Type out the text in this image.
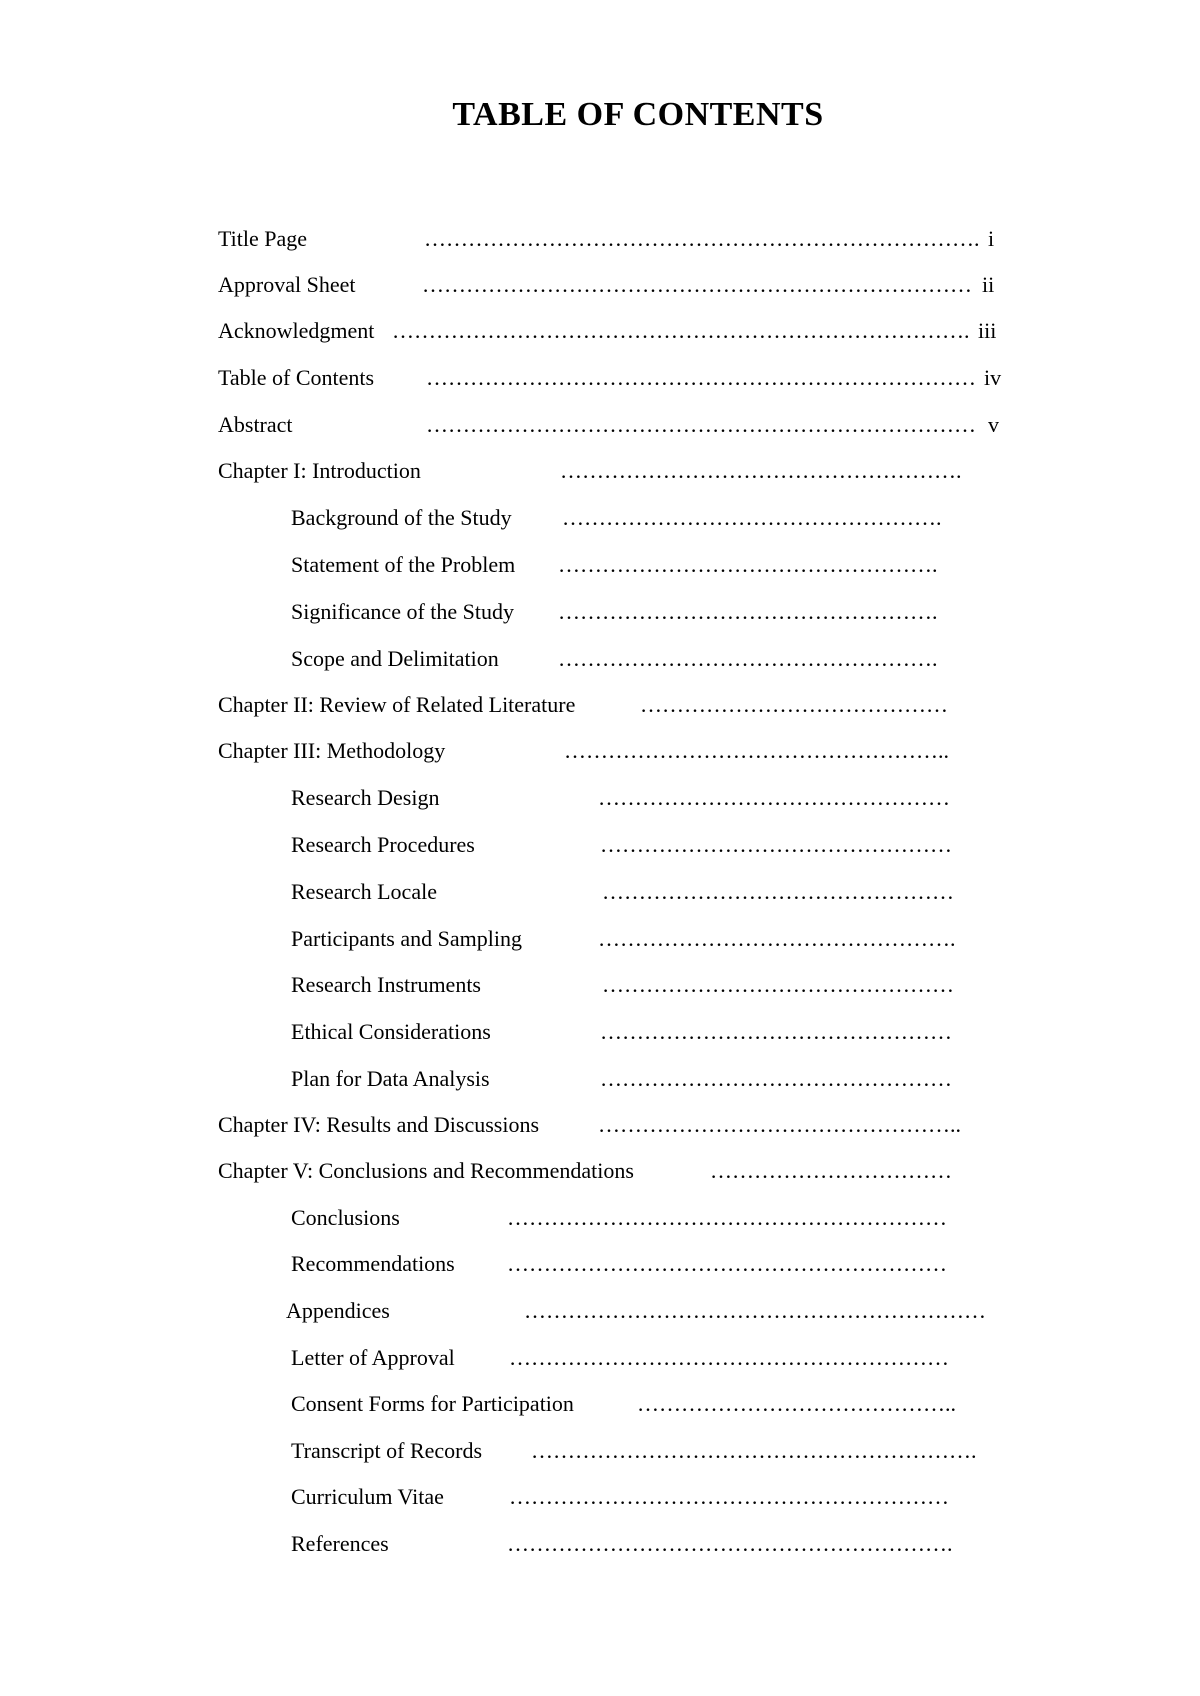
TABLE OF CONTENTS
Title Page	…………………………………………………………………. i
Approval Sheet	………………………………………………………………… ii
Acknowledgment ……………………………………………………………………. iii
Table of Contents ………………………………………………………………… iv
Abstract	………………………………………………………………… v
Chapter I: Introduction	……………………………………………….
Background of the Study …………………………………………….
Statement of the Problem …………………………………………….
Significance of the Study …………………………………………….
Scope and Delimitation	…………………………………………….
Chapter II: Review of Related Literature	……………………………………
Chapter III: Methodology	……………………………………………..
Research Design	…………………………………………
Research Procedures	…………………………………………
Research Locale	…………………………………………
Participants and Sampling	………………………………………….
Research Instruments	…………………………………………
Ethical Considerations	…………………………………………
Plan for Data Analysis	…………………………………………
Chapter IV: Results and Discussions	…………………………………………..
Chapter V: Conclusions and Recommendations	……………………………
Conclusions	……………………………………………………
Recommendations ……………………………………………………
Appendices	………………………………………………………
Letter of Approval ……………………………………………………
Consent Forms for Participation	……………………………………..
Transcript of Records …………………………………………………….
Curriculum Vitae	……………………………………………………
References	…………………………………………………….
